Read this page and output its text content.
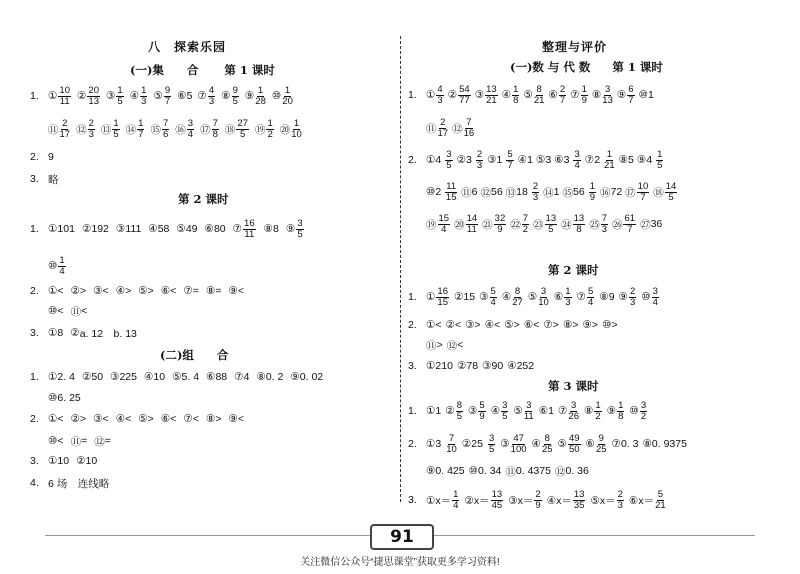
八　探索乐园
(一)集　　合 第 1 课时
1. ① $\frac{10}{11}$ ② $\frac{20}{13}$ ③ $\frac{1}{5}$ ④ $\frac{1}{3}$ ⑤ $\frac{9}{7}$ ⑥ 5 ⑦ $\frac{4}{3}$ ⑧ $\frac{9}{5}$ ⑨ $\frac{1}{28}$ ⑩ $\frac{1}{20}$
⑪ $\frac{2}{17}$ ⑫ $\frac{2}{3}$ ⑬ $\frac{1}{5}$ ⑭ $\frac{1}{7}$ ⑮ $\frac{7}{6}$ ⑯ $\frac{3}{4}$ ⑰ $\frac{7}{8}$ ⑱ $\frac{27}{5}$ ⑲ $\frac{1}{2}$ ⑳ $\frac{1}{10}$
2. 9
3. 略
第 2 课时
1. ① 101 ② 192 ③ 111 ④ 58 ⑤ 49 ⑥ 80 ⑦ $\frac{16}{11}$ ⑧ 8 ⑨ $\frac{3}{5}$
⑩ $\frac{1}{4}$
2. ① < ② > ③ < ④ > ⑤ > ⑥ < ⑦ = ⑧ = ⑨ <
⑩ < ⑪ <
3. ① 8 ② a. 12　b. 13
(二)组　　合
1. ① 2. 4 ② 50 ③ 225 ④ 10 ⑤ 5. 4 ⑥ 88 ⑦ 4 ⑧ 0. 2 ⑨ 0. 02
⑩ 6. 25
2. ① < ② > ③ < ④ < ⑤ > ⑥ < ⑦ < ⑧ > ⑨ <
⑩ < ⑪ = ⑫ =
3. ① 10 ② 10
4. 6 场　连线略
整理与评价
(一)数 与 代 数 第 1 课时
1. ① $\frac{4}{3}$ ② $\frac{54}{77}$ ③ $\frac{13}{21}$ ④ $\frac{1}{8}$ ⑤ $\frac{8}{21}$ ⑥ $\frac{2}{7}$ ⑦ $\frac{1}{9}$ ⑧ $\frac{3}{13}$ ⑨ $\frac{6}{7}$ ⑩ 1
⑪ $\frac{2}{17}$ ⑫ $\frac{7}{16}$
2. ① $4 \frac{3}{5}$ ② $3 \frac{2}{3}$ ③ $1 \frac{5}{7}$ ④ 1 ⑤ 3 ⑥ $3 \frac{3}{4}$ ⑦ $2 \frac{1}{21}$ ⑧ 5 ⑨ $4 \frac{1}{5}$
⑩ $2 \frac{11}{15}$ ⑪ 6 ⑫ 56 ⑬ $18 \frac{2}{3}$ ⑭ 1 ⑮ $56 \frac{1}{9}$ ⑯ 72 ⑰ $\frac{10}{7}$ ⑱ $\frac{14}{5}$
⑲ $\frac{15}{4}$ ⑳ $\frac{14}{11}$ ㉑ $\frac{32}{9}$ ㉒ $\frac{7}{2}$ ㉓ $\frac{13}{5}$ ㉔ $\frac{13}{8}$ ㉕ $\frac{7}{3}$ ㉖ $\frac{61}{7}$ ㉗ 36
第 2 课时
1. ① $\frac{16}{15}$ ② 15 ③ $\frac{5}{4}$ ④ $\frac{8}{27}$ ⑤ $\frac{3}{10}$ ⑥ $\frac{1}{3}$ ⑦ $\frac{5}{4}$ ⑧ 9 ⑨ $\frac{2}{3}$ ⑩ $\frac{3}{4}$
2. ① < ② < ③ > ④ < ⑤ > ⑥ < ⑦ > ⑧ > ⑨ > ⑩ >
⑪ > ⑫ <
3. ① 210 ② 78 ③ 90 ④ 252
第 3 课时
1. ① 1 ② $\frac{8}{5}$ ③ $\frac{5}{9}$ ④ $\frac{3}{5}$ ⑤ $\frac{3}{11}$ ⑥ 1 ⑦ $\frac{3}{26}$ ⑧ $\frac{1}{2}$ ⑨ $\frac{1}{8}$ ⑩ $\frac{3}{2}$
2. ① $3 \frac{7}{10}$ ② $25 \frac{3}{5}$ ③ $\frac{47}{100}$ ④ $\frac{8}{25}$ ⑤ $\frac{49}{50}$ ⑥ $\frac{9}{25}$ ⑦ 0. 3 ⑧ 0. 9375
⑨ 0. 425 ⑩ 0. 34 ⑪ 0. 4375 ⑫ 0. 36
3. ①x＝ $\frac{1}{4}$ ②x＝ $\frac{13}{45}$ ③x＝ $\frac{2}{9}$ ④x＝ $\frac{13}{35}$ ⑤x＝ $\frac{2}{3}$ ⑥x＝ $\frac{5}{21}$
91
关注微信公众号“捷思课堂”获取更多学习资料!
